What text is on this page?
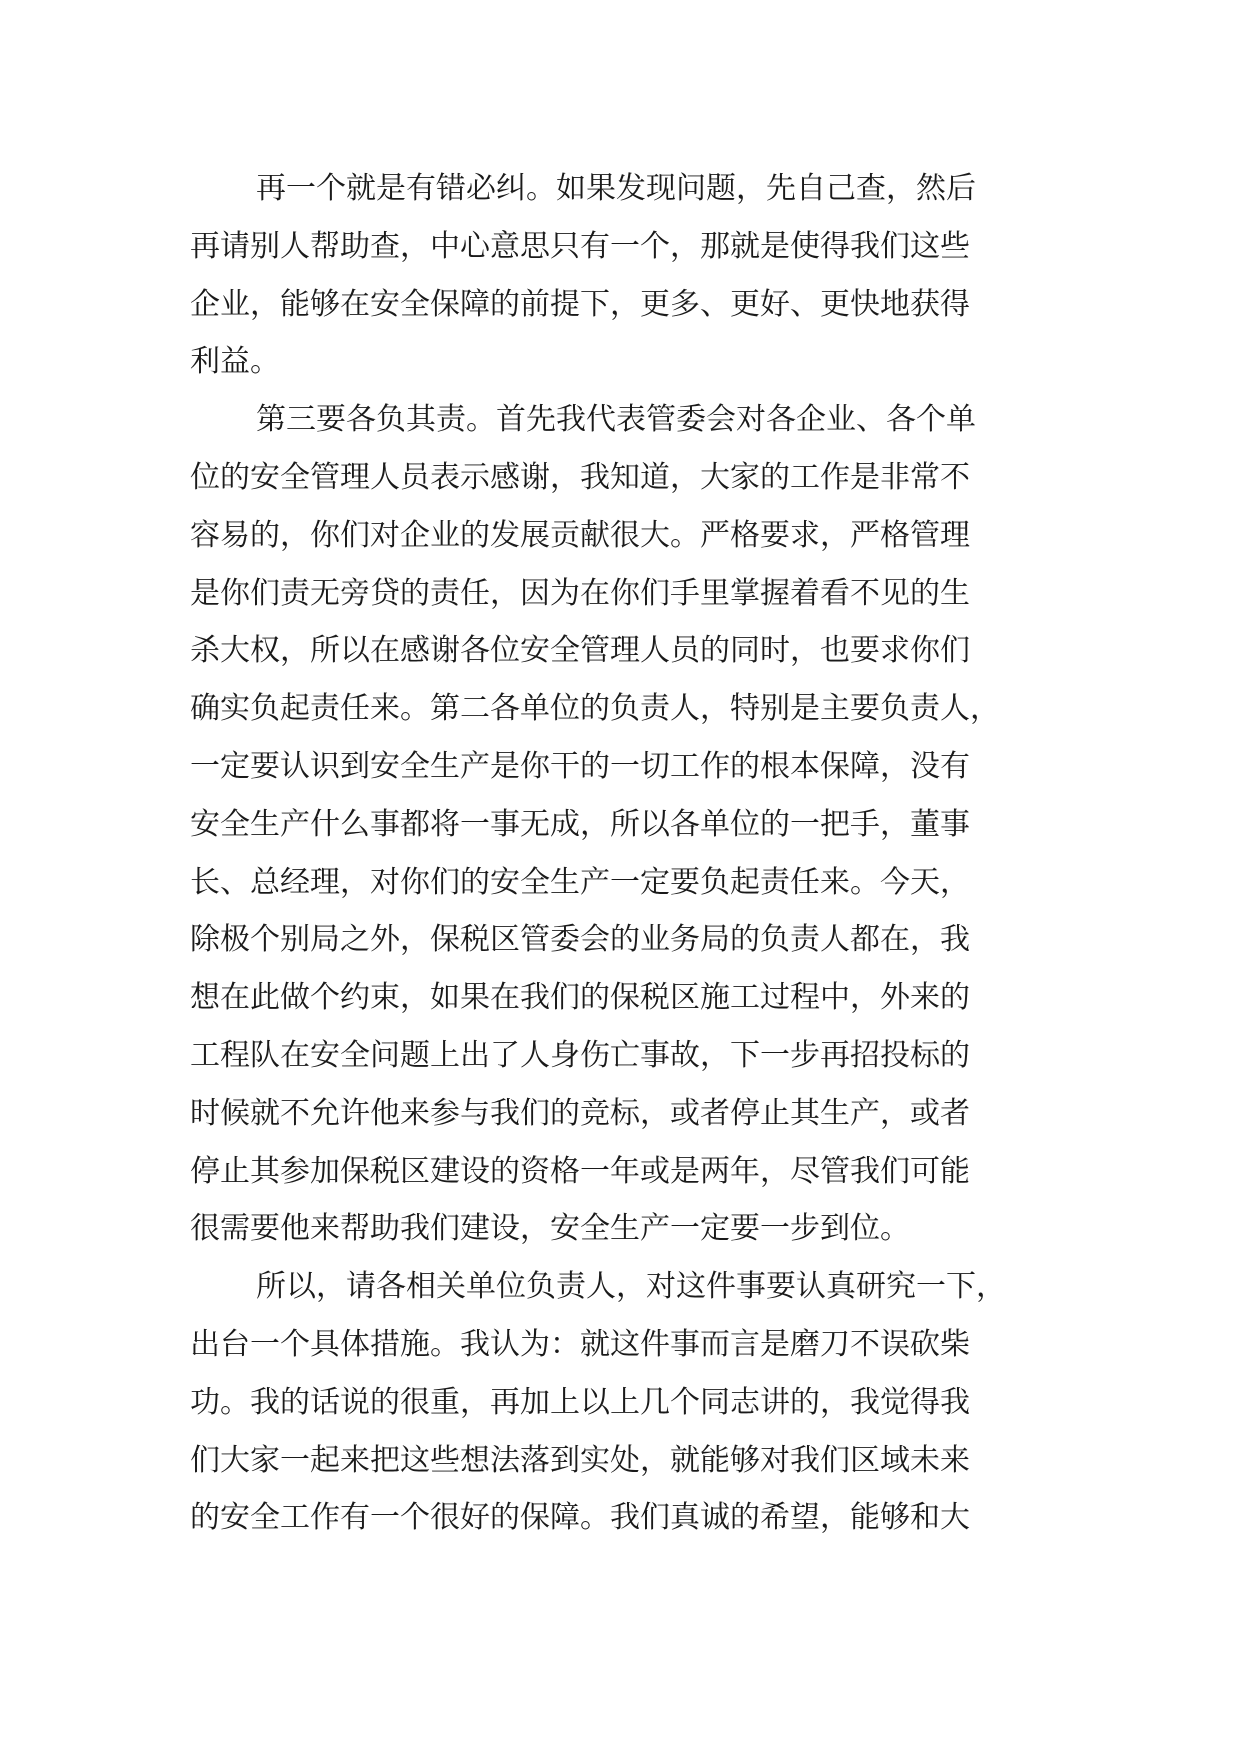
再一个就是有错必纠。如果发现问题，先自己查，然后
再请别人帮助查，中心意思只有一个，那就是使得我们这些
企业，能够在安全保障的前提下，更多、更好、更快地获得
利益。
第三要各负其责。首先我代表管委会对各企业、各个单
位的安全管理人员表示感谢，我知道，大家的工作是非常不
容易的，你们对企业的发展贡献很大。严格要求，严格管理
是你们责无旁贷的责任，因为在你们手里掌握着看不见的生
杀大权，所以在感谢各位安全管理人员的同时，也要求你们
确实负起责任来。第二各单位的负责人，特别是主要负责人，
一定要认识到安全生产是你干的一切工作的根本保障，没有
安全生产什么事都将一事无成，所以各单位的一把手，董事
长、总经理，对你们的安全生产一定要负起责任来。今天，
除极个别局之外，保税区管委会的业务局的负责人都在，我
想在此做个约束，如果在我们的保税区施工过程中，外来的
工程队在安全问题上出了人身伤亡事故，下一步再招投标的
时候就不允许他来参与我们的竞标，或者停止其生产，或者
停止其参加保税区建设的资格一年或是两年，尽管我们可能
很需要他来帮助我们建设，安全生产一定要一步到位。
所以，请各相关单位负责人，对这件事要认真研究一下，
出台一个具体措施。我认为：就这件事而言是磨刀不误砍柴
功。我的话说的很重，再加上以上几个同志讲的，我觉得我
们大家一起来把这些想法落到实处，就能够对我们区域未来
的安全工作有一个很好的保障。我们真诚的希望，能够和大
